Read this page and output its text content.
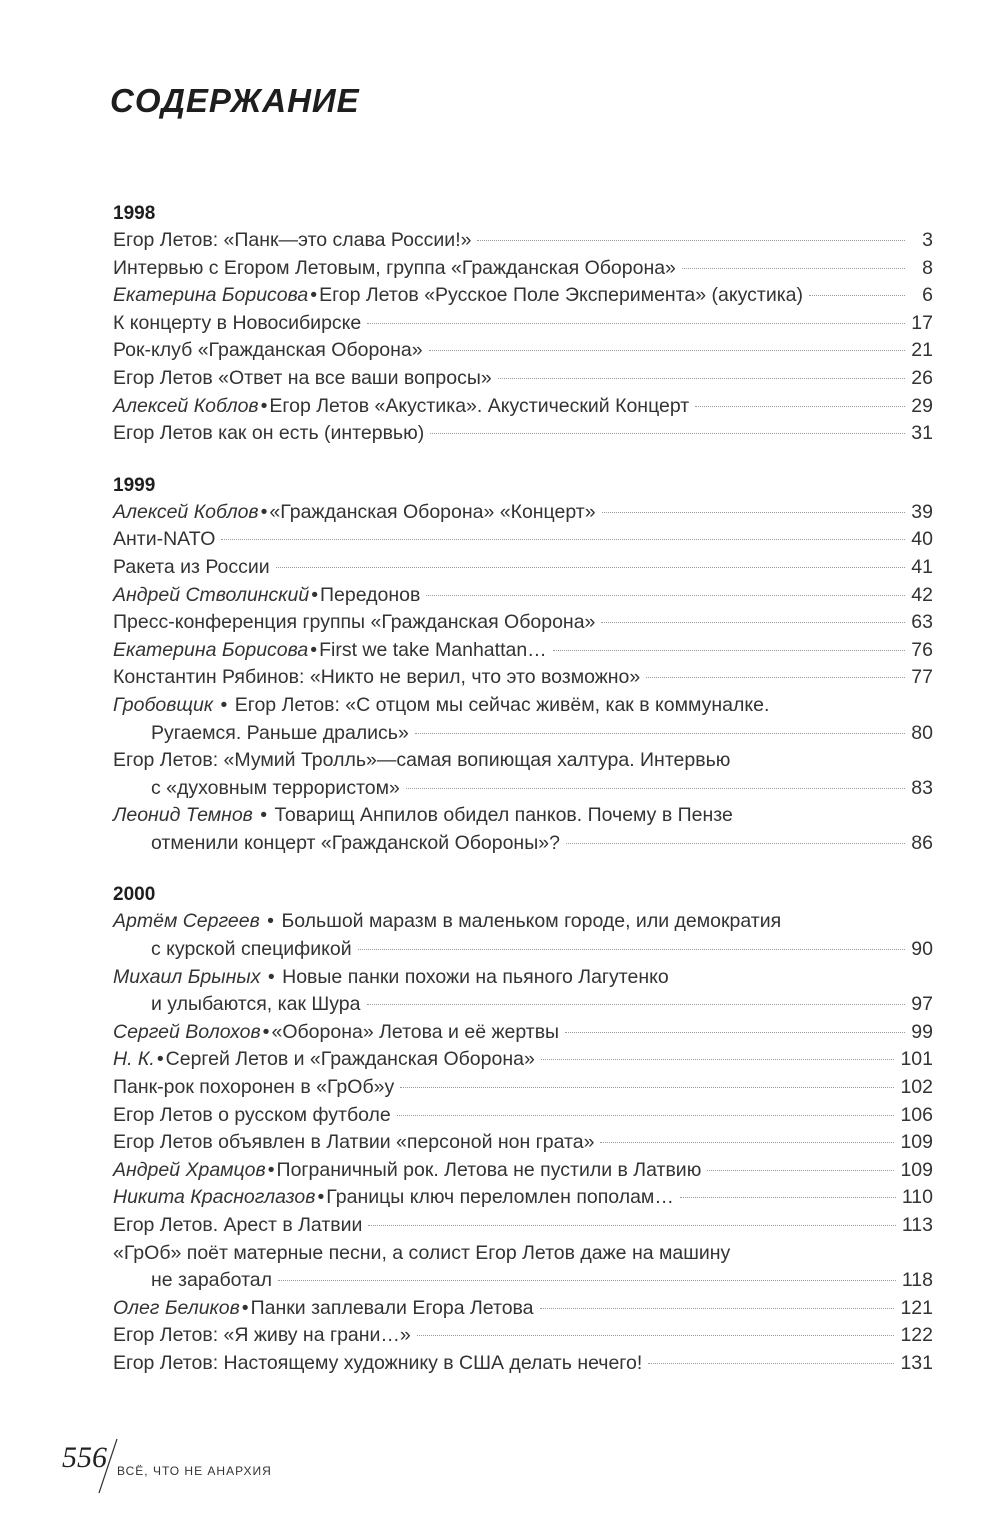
СОДЕРЖАНИЕ
1998
Егор Летов: «Панк—это слава России!»	3
Интервью с Егором Летовым, группа «Гражданская Оборона»	8
Екатерина Борисова • Егор Летов «Русское Поле Эксперимента» (акустика)	6
К концерту в Новосибирске	17
Рок-клуб «Гражданская Оборона»	21
Егор Летов «Ответ на все ваши вопросы»	26
Алексей Коблов • Егор Летов «Акустика». Акустический Концерт	29
Егор Летов как он есть (интервью)	31
1999
Алексей Коблов • «Гражданская Оборона» «Концерт»	39
Анти-NATO	40
Ракета из России	41
Андрей Стволинский • Передонов	42
Пресс-конференция группы «Гражданская Оборона»	63
Екатерина Борисова • First we take Manhattan…	76
Константин Рябинов: «Никто не верил, что это возможно»	77
Гробовщик • Егор Летов: «С отцом мы сейчас живём, как в коммуналке.
Ругаемся. Раньше дрались»	80
Егор Летов: «Мумий Тролль»—самая вопиющая халтура. Интервью
с «духовным террористом»	83
Леонид Темнов • Товарищ Анпилов обидел панков. Почему в Пензе
отменили концерт «Гражданской Обороны»?	86
2000
Артём Сергеев • Большой маразм в маленьком городе, или демократия
с курской спецификой	90
Михаил Брыных • Новые панки похожи на пьяного Лагутенко
и улыбаются, как Шура	97
Сергей Волохов • «Оборона» Летова и её жертвы	99
Н. К. • Сергей Летов и «Гражданская Оборона»	101
Панк-рок похоронен в «ГрОб»у	102
Егор Летов о русском футболе	106
Егор Летов объявлен в Латвии «персоной нон грата»	109
Андрей Храмцов • Пограничный рок. Летова не пустили в Латвию	109
Никита Красноглазов • Границы ключ переломлен пополам…	110
Егор Летов. Арест в Латвии	113
«ГрОб» поёт матерные песни, а солист Егор Летов даже на машину
не заработал	118
Олег Беликов • Панки заплевали Егора Летова	121
Егор Летов: «Я живу на грани…»	122
Егор Летов: Настоящему художнику в США делать нечего!	131
556 ВСЁ, ЧТО НЕ АНАРХИЯ
